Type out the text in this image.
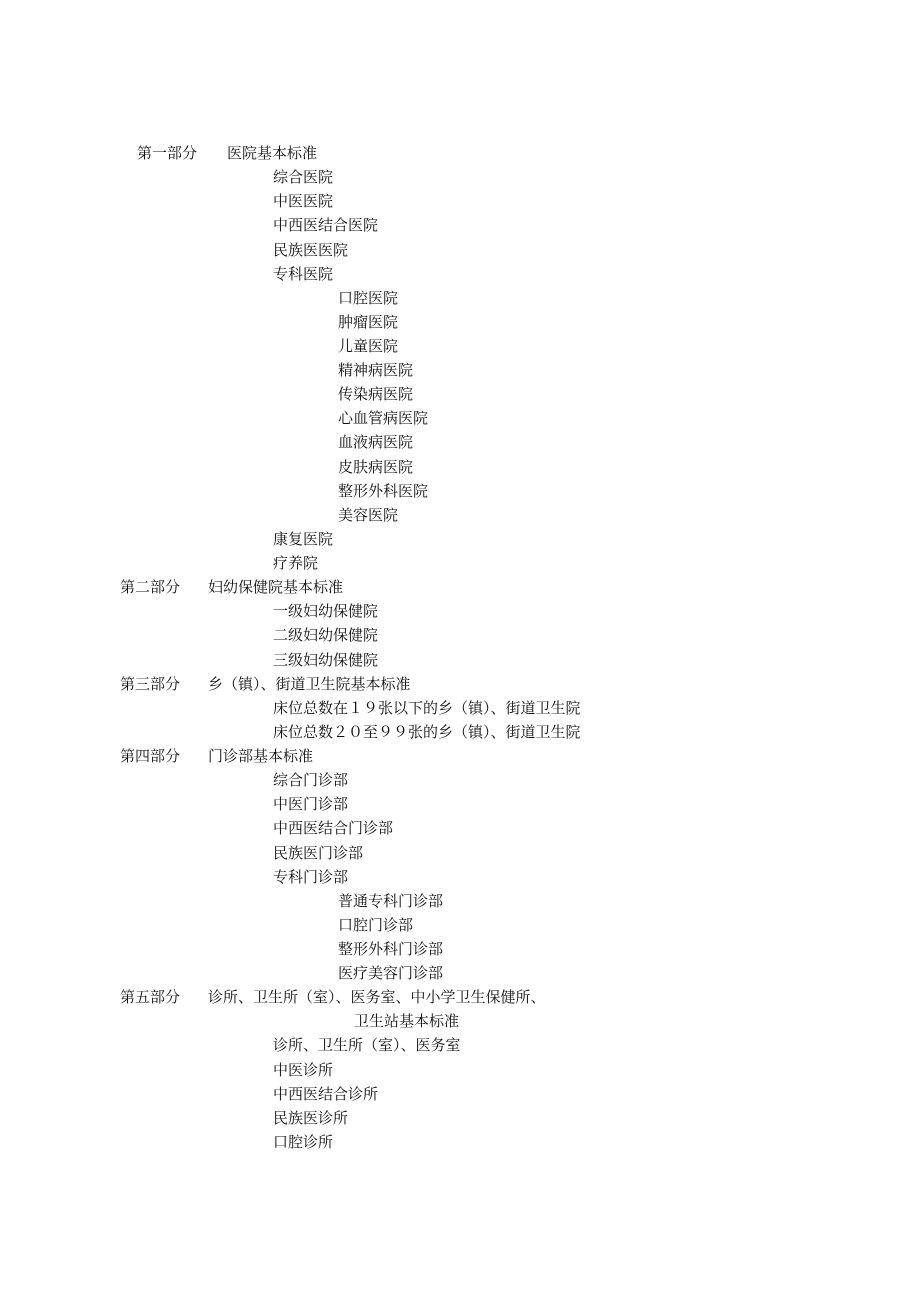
第一部分 医院基本标准
综合医院
中医医院
中西医结合医院
民族医医院
专科医院
口腔医院
肿瘤医院
儿童医院
精神病医院
传染病医院
心血管病医院
血液病医院
皮肤病医院
整形外科医院
美容医院
康复医院
疗养院
第二部分 妇幼保健院基本标准
一级妇幼保健院
二级妇幼保健院
三级妇幼保健院
第三部分 乡（镇）、街道卫生院基本标准
床位总数在１９张以下的乡（镇）、街道卫生院
床位总数２０至９９张的乡（镇）、街道卫生院
第四部分 门诊部基本标准
综合门诊部
中医门诊部
中西医结合门诊部
民族医门诊部
专科门诊部
普通专科门诊部
口腔门诊部
整形外科门诊部
医疗美容门诊部
第五部分 诊所、卫生所（室）、医务室、中小学卫生保健所、
卫生站基本标准
诊所、卫生所（室）、医务室
中医诊所
中西医结合诊所
民族医诊所
口腔诊所
